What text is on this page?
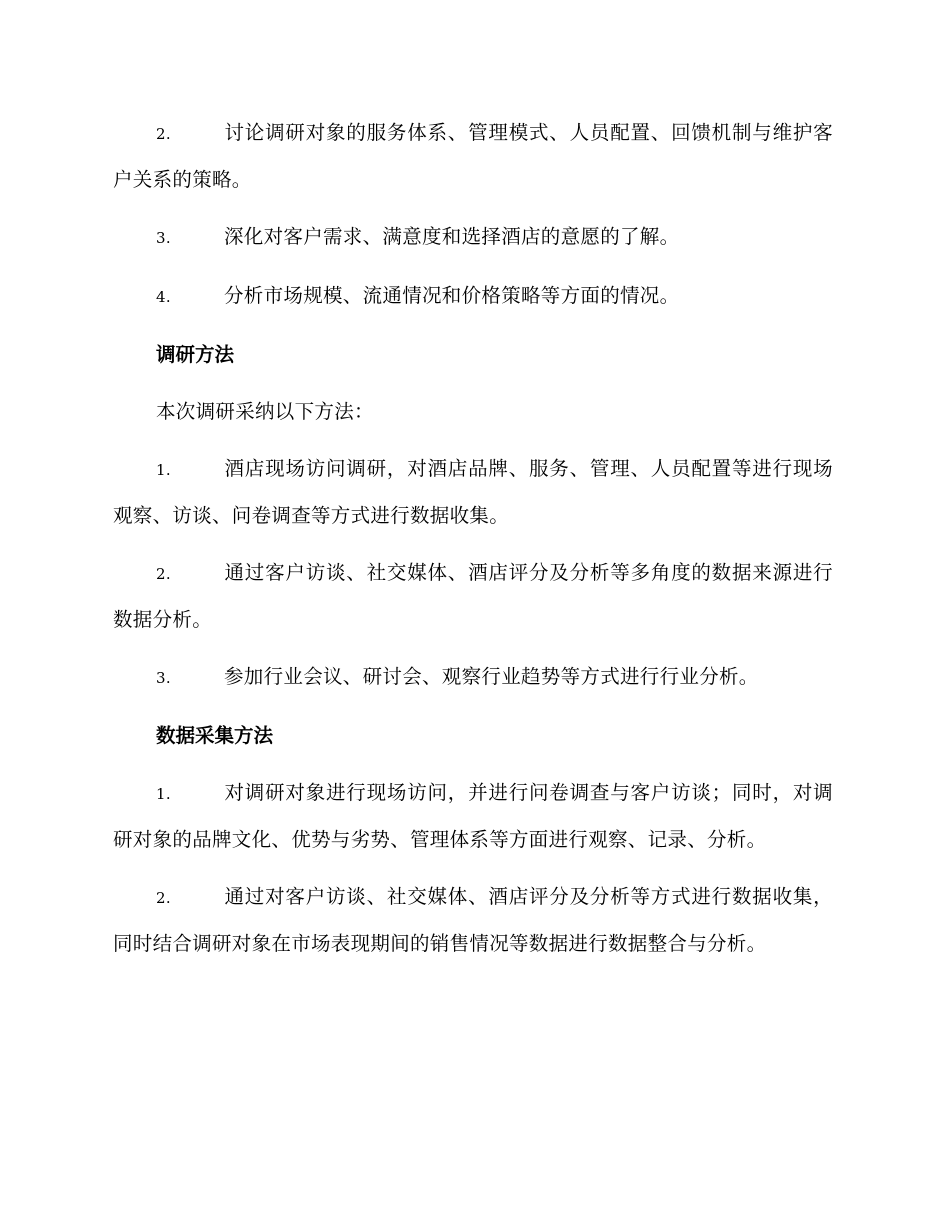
2.	讨论调研对象的服务体系、管理模式、人员配置、回馈机制与维护客户关系的策略。

3.	深化对客户需求、满意度和选择酒店的意愿的了解。

4.	分析市场规模、流通情况和价格策略等方面的情况。

调研方法

本次调研采纳以下方法：

1.	酒店现场访问调研，对酒店品牌、服务、管理、人员配置等进行现场观察、访谈、问卷调查等方式进行数据收集。

2.	通过客户访谈、社交媒体、酒店评分及分析等多角度的数据来源进行数据分析。

3.	参加行业会议、研讨会、观察行业趋势等方式进行行业分析。

数据采集方法

1.	对调研对象进行现场访问，并进行问卷调查与客户访谈；同时，对调研对象的品牌文化、优势与劣势、管理体系等方面进行观察、记录、分析。

2.	通过对客户访谈、社交媒体、酒店评分及分析等方式进行数据收集，同时结合调研对象在市场表现期间的销售情况等数据进行数据整合与分析。
